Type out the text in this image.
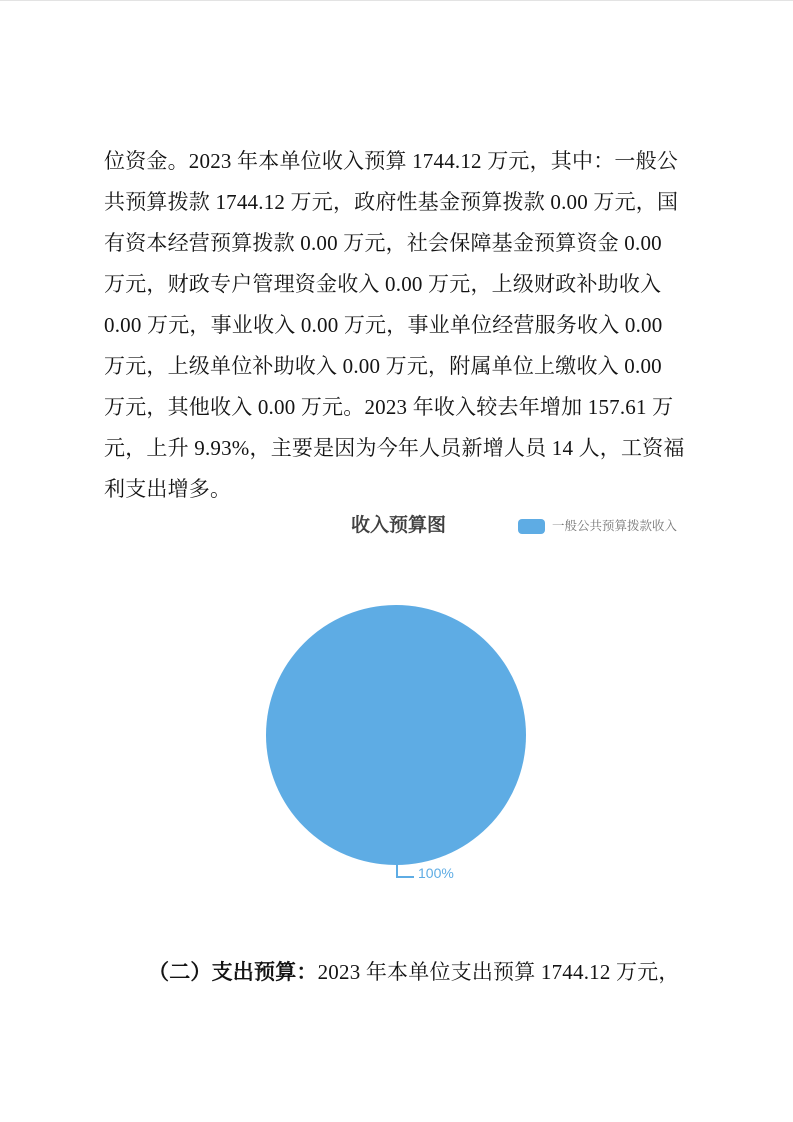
位资金。2023 年本单位收入预算 1744.12 万元，其中：一般公
共预算拨款 1744.12 万元，政府性基金预算拨款 0.00 万元，国
有资本经营预算拨款 0.00 万元，社会保障基金预算资金 0.00
万元，财政专户管理资金收入 0.00 万元，上级财政补助收入
0.00 万元，事业收入 0.00 万元，事业单位经营服务收入 0.00
万元，上级单位补助收入 0.00 万元，附属单位上缴收入 0.00
万元，其他收入 0.00 万元。2023 年收入较去年增加 157.61 万
元，上升 9.93%，主要是因为今年人员新增人员 14 人，工资福
利支出增多。
收入预算图	一般公共预算拨款收入
100%
（二）支出预算：2023 年本单位支出预算 1744.12 万元，
